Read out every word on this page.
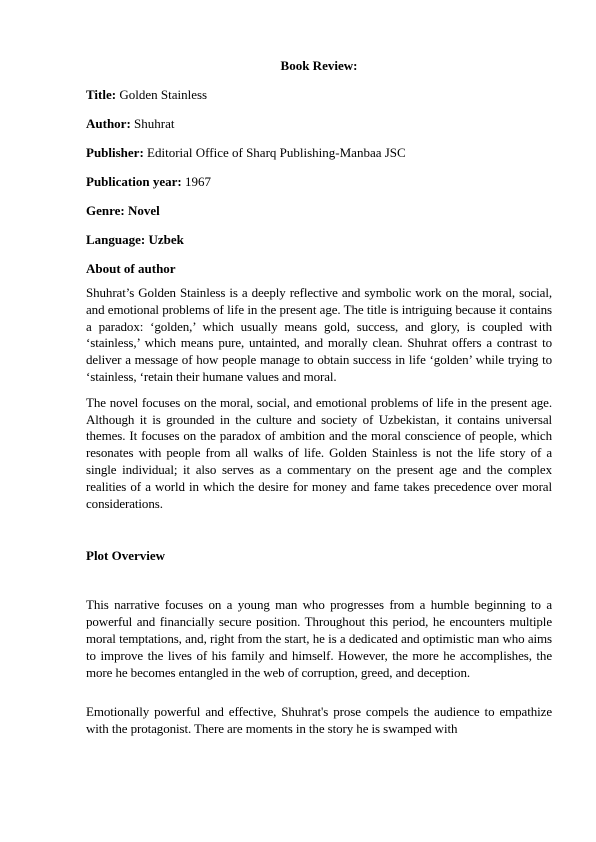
Book Review:
Title: Golden Stainless
Author: Shuhrat
Publisher: Editorial Office of Sharq Publishing-Manbaa JSC
Publication year: 1967
Genre: Novel
Language: Uzbek
About of author

Shuhrat’s Golden Stainless is a deeply reflective and symbolic work on the moral, social, and emotional problems of life in the present age. The title is intriguing because it contains a paradox: ‘golden,’ which usually means gold, success, and glory, is coupled with ‘stainless,’ which means pure, untainted, and morally clean. Shuhrat offers a contrast to deliver a message of how people manage to obtain success in life ‘golden’ while trying to ‘stainless, ‘retain their humane values and moral.

The novel focuses on the moral, social, and emotional problems of life in the present age. Although it is grounded in the culture and society of Uzbekistan, it contains universal themes. It focuses on the paradox of ambition and the moral conscience of people, which resonates with people from all walks of life. Golden Stainless is not the life story of a single individual; it also serves as a commentary on the present age and the complex realities of a world in which the desire for money and fame takes precedence over moral considerations.

Plot Overview

This narrative focuses on a young man who progresses from a humble beginning to a powerful and financially secure position. Throughout this period, he encounters multiple moral temptations, and, right from the start, he is a dedicated and optimistic man who aims to improve the lives of his family and himself. However, the more he accomplishes, the more he becomes entangled in the web of corruption, greed, and deception.

Emotionally powerful and effective, Shuhrat's prose compels the audience to empathize with the protagonist. There are moments in the story he is swamped with
